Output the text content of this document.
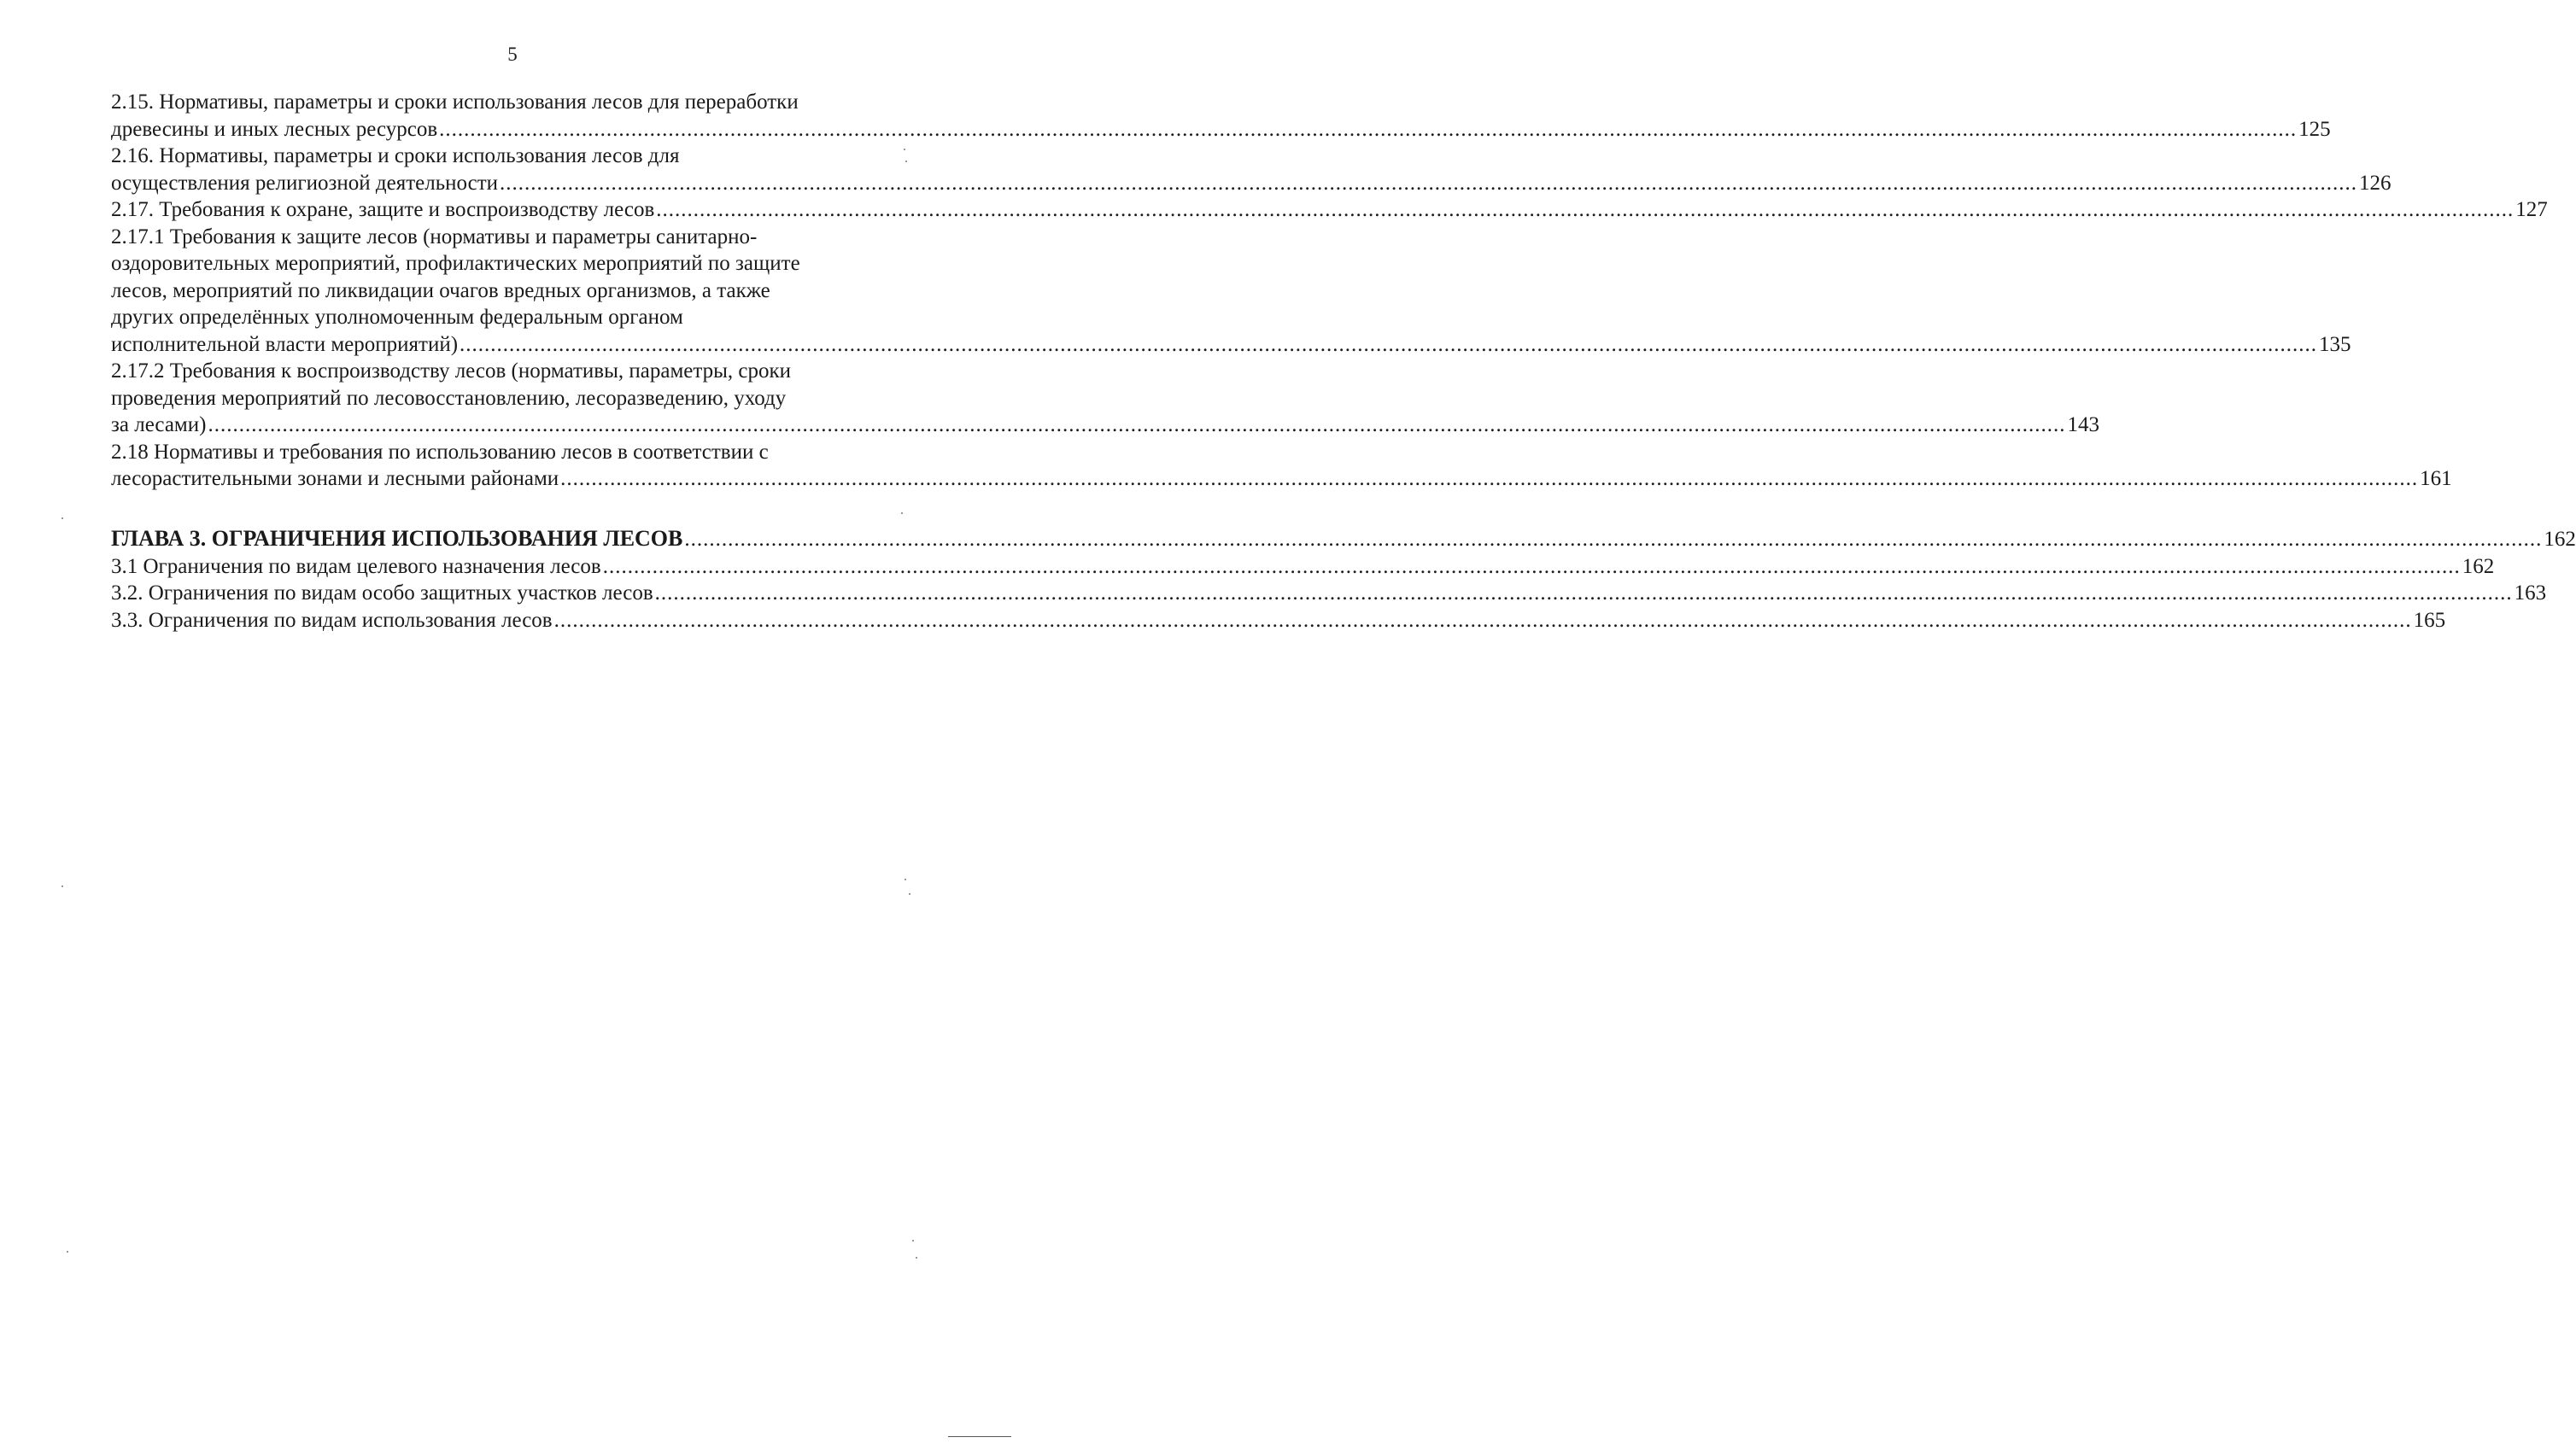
5
2.15. Нормативы, параметры и сроки использования лесов для переработки
древесины и иных лесных ресурсов ............................................................................................................................................................................................................................................................................................................ 125
2.16. Нормативы, параметры и сроки использования лесов для
осуществления религиозной деятельности ............................................................................................................................................................................................................................................................................................................ 126
2.17. Требования к охране, защите и воспроизводству лесов ............................................................................................................................................................................................................................................................................................................ 127
2.17.1 Требования к защите лесов (нормативы и параметры санитарно-
оздоровительных мероприятий, профилактических мероприятий по защите
лесов, мероприятий по ликвидации очагов вредных организмов, а также
других определённых уполномоченным федеральным органом
исполнительной власти мероприятий) ............................................................................................................................................................................................................................................................................................................ 135
2.17.2 Требования к воспроизводству лесов (нормативы, параметры, сроки
проведения мероприятий по лесовосстановлению, лесоразведению, уходу
за лесами) ............................................................................................................................................................................................................................................................................................................ 143
2.18 Нормативы и требования по использованию лесов в соответствии с
лесорастительными зонами и лесными районами ............................................................................................................................................................................................................................................................................................................ 161
ГЛАВА 3. ОГРАНИЧЕНИЯ ИСПОЛЬЗОВАНИЯ ЛЕСОВ ............................................................................................................................................................................................................................................................................................................ 162
3.1 Ограничения по видам целевого назначения лесов ............................................................................................................................................................................................................................................................................................................ 162
3.2. Ограничения по видам особо защитных участков лесов ............................................................................................................................................................................................................................................................................................................ 163
3.3. Ограничения по видам использования лесов ............................................................................................................................................................................................................................................................................................................ 165
